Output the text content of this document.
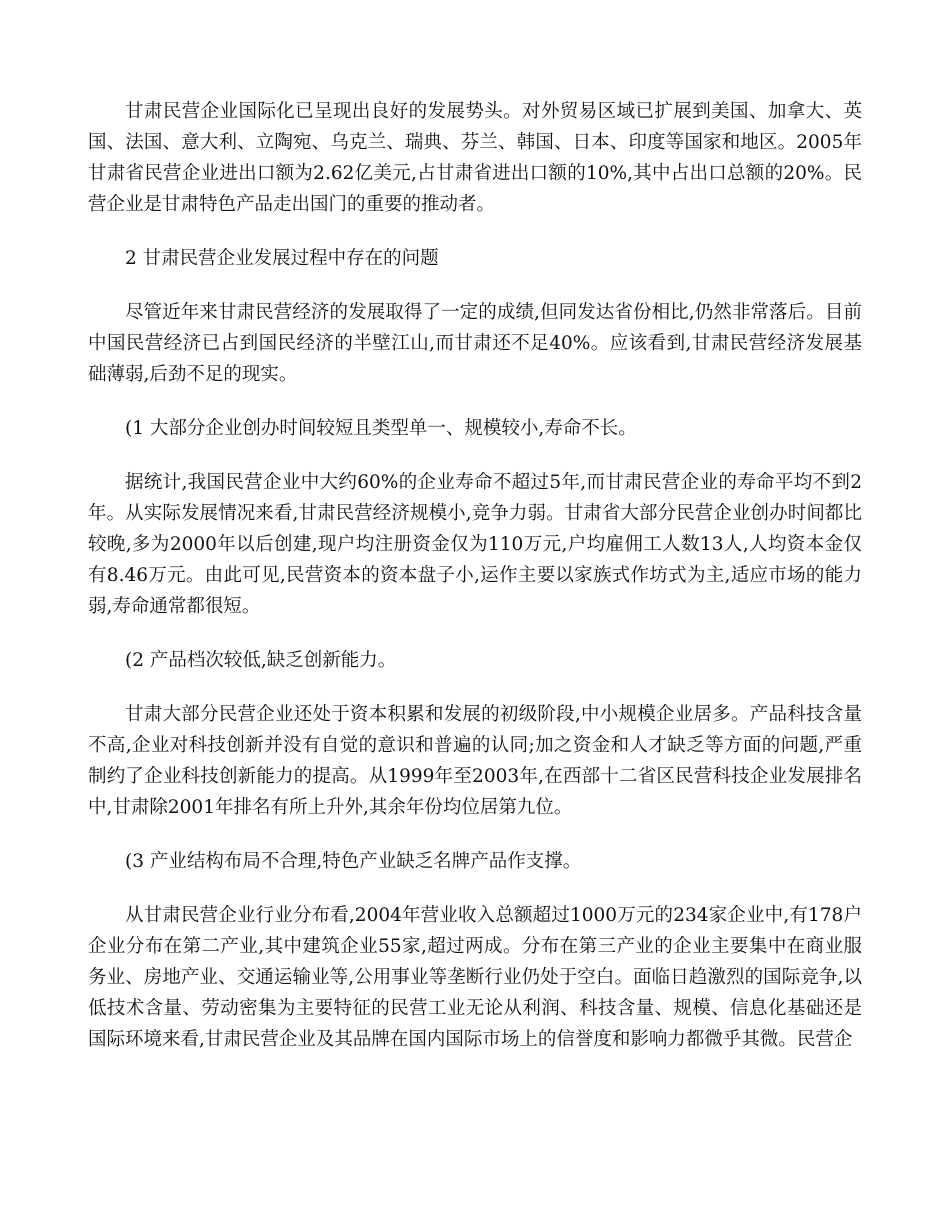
甘肃民营企业国际化已呈现出良好的发展势头。对外贸易区域已扩展到美国、加拿大、英国、法国、意大利、立陶宛、乌克兰、瑞典、芬兰、韩国、日本、印度等国家和地区。2005年甘肃省民营企业进出口额为2.62亿美元,占甘肃省进出口额的10%,其中占出口总额的20%。民营企业是甘肃特色产品走出国门的重要的推动者。

2 甘肃民营企业发展过程中存在的问题

尽管近年来甘肃民营经济的发展取得了一定的成绩,但同发达省份相比,仍然非常落后。目前中国民营经济已占到国民经济的半壁江山,而甘肃还不足40%。应该看到,甘肃民营经济发展基础薄弱,后劲不足的现实。

(1 大部分企业创办时间较短且类型单一、规模较小,寿命不长。

据统计,我国民营企业中大约60%的企业寿命不超过5年,而甘肃民营企业的寿命平均不到2年。从实际发展情况来看,甘肃民营经济规模小,竞争力弱。甘肃省大部分民营企业创办时间都比较晚,多为2000年以后创建,现户均注册资金仅为110万元,户均雇佣工人数13人,人均资本金仅有8.46万元。由此可见,民营资本的资本盘子小,运作主要以家族式作坊式为主,适应市场的能力弱,寿命通常都很短。

(2 产品档次较低,缺乏创新能力。

甘肃大部分民营企业还处于资本积累和发展的初级阶段,中小规模企业居多。产品科技含量不高,企业对科技创新并没有自觉的意识和普遍的认同;加之资金和人才缺乏等方面的问题,严重制约了企业科技创新能力的提高。从1999年至2003年,在西部十二省区民营科技企业发展排名中,甘肃除2001年排名有所上升外,其余年份均位居第九位。

(3 产业结构布局不合理,特色产业缺乏名牌产品作支撑。

从甘肃民营企业行业分布看,2004年营业收入总额超过1000万元的234家企业中,有178户企业分布在第二产业,其中建筑企业55家,超过两成。分布在第三产业的企业主要集中在商业服务业、房地产业、交通运输业等,公用事业等垄断行业仍处于空白。面临日趋激烈的国际竞争,以低技术含量、劳动密集为主要特征的民营工业无论从利润、科技含量、规模、信息化基础还是国际环境来看,甘肃民营企业及其品牌在国内国际市场上的信誉度和影响力都微乎其微。民营企
